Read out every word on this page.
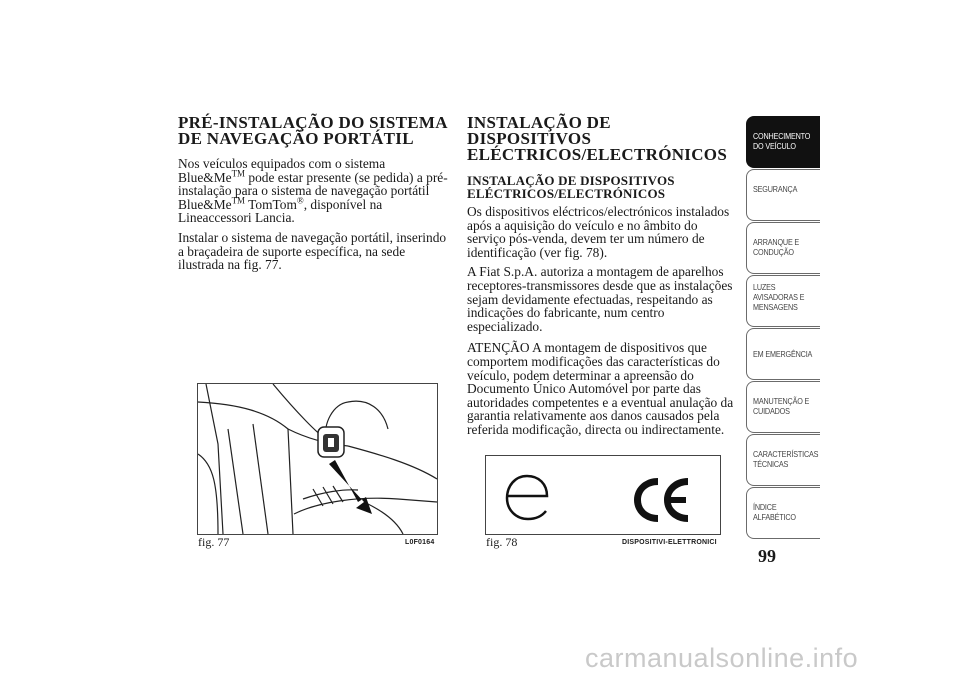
PRÉ-INSTALAÇÃO DO SISTEMA DE NAVEGAÇÃO PORTÁTIL

Nos veículos equipados com o sistema Blue&Me™ pode estar presente (se pedida) a pré-instalação para o sistema de navegação portátil Blue&Me™ TomTom®, disponível na Lineaccessori Lancia.

Instalar o sistema de navegação portátil, inserindo a braçadeira de suporte específica, na sede ilustrada na fig. 77.

INSTALAÇÃO DE DISPOSITIVOS ELÉCTRICOS/ELECTRÓNICOS
INSTALAÇÃO DE DISPOSITIVOS ELÉCTRICOS/ELECTRÓNICOS

Os dispositivos eléctricos/electrónicos instalados após a aquisição do veículo e no âmbito do serviço pós-venda, devem ter um número de identificação (ver fig. 78).

A Fiat S.p.A. autoriza a montagem de aparelhos receptores-transmissores desde que as instalações sejam devidamente efectuadas, respeitando as indicações do fabricante, num centro especializado.

ATENÇÃO A montagem de dispositivos que comportem modificações das características do veículo, podem determinar a apreensão do Documento Único Automóvel por parte das autoridades competentes e a eventual anulação da garantia relativamente aos danos causados pela referida modificação, directa ou indirectamente.

fig. 77	L0F0164	fig. 78	DISPOSITIVI-ELETTRONICI
CONHECIMENTO DO VEÍCULO
SEGURANÇA
ARRANQUE E CONDUÇÃO
LUZES AVISADORAS E MENSAGENS
EM EMERGÊNCIA
MANUTENÇÃO E CUIDADOS
CARACTERÍSTICAS TÉCNICAS
ÍNDICE ALFABÉTICO
99
carmanualsonline.info
